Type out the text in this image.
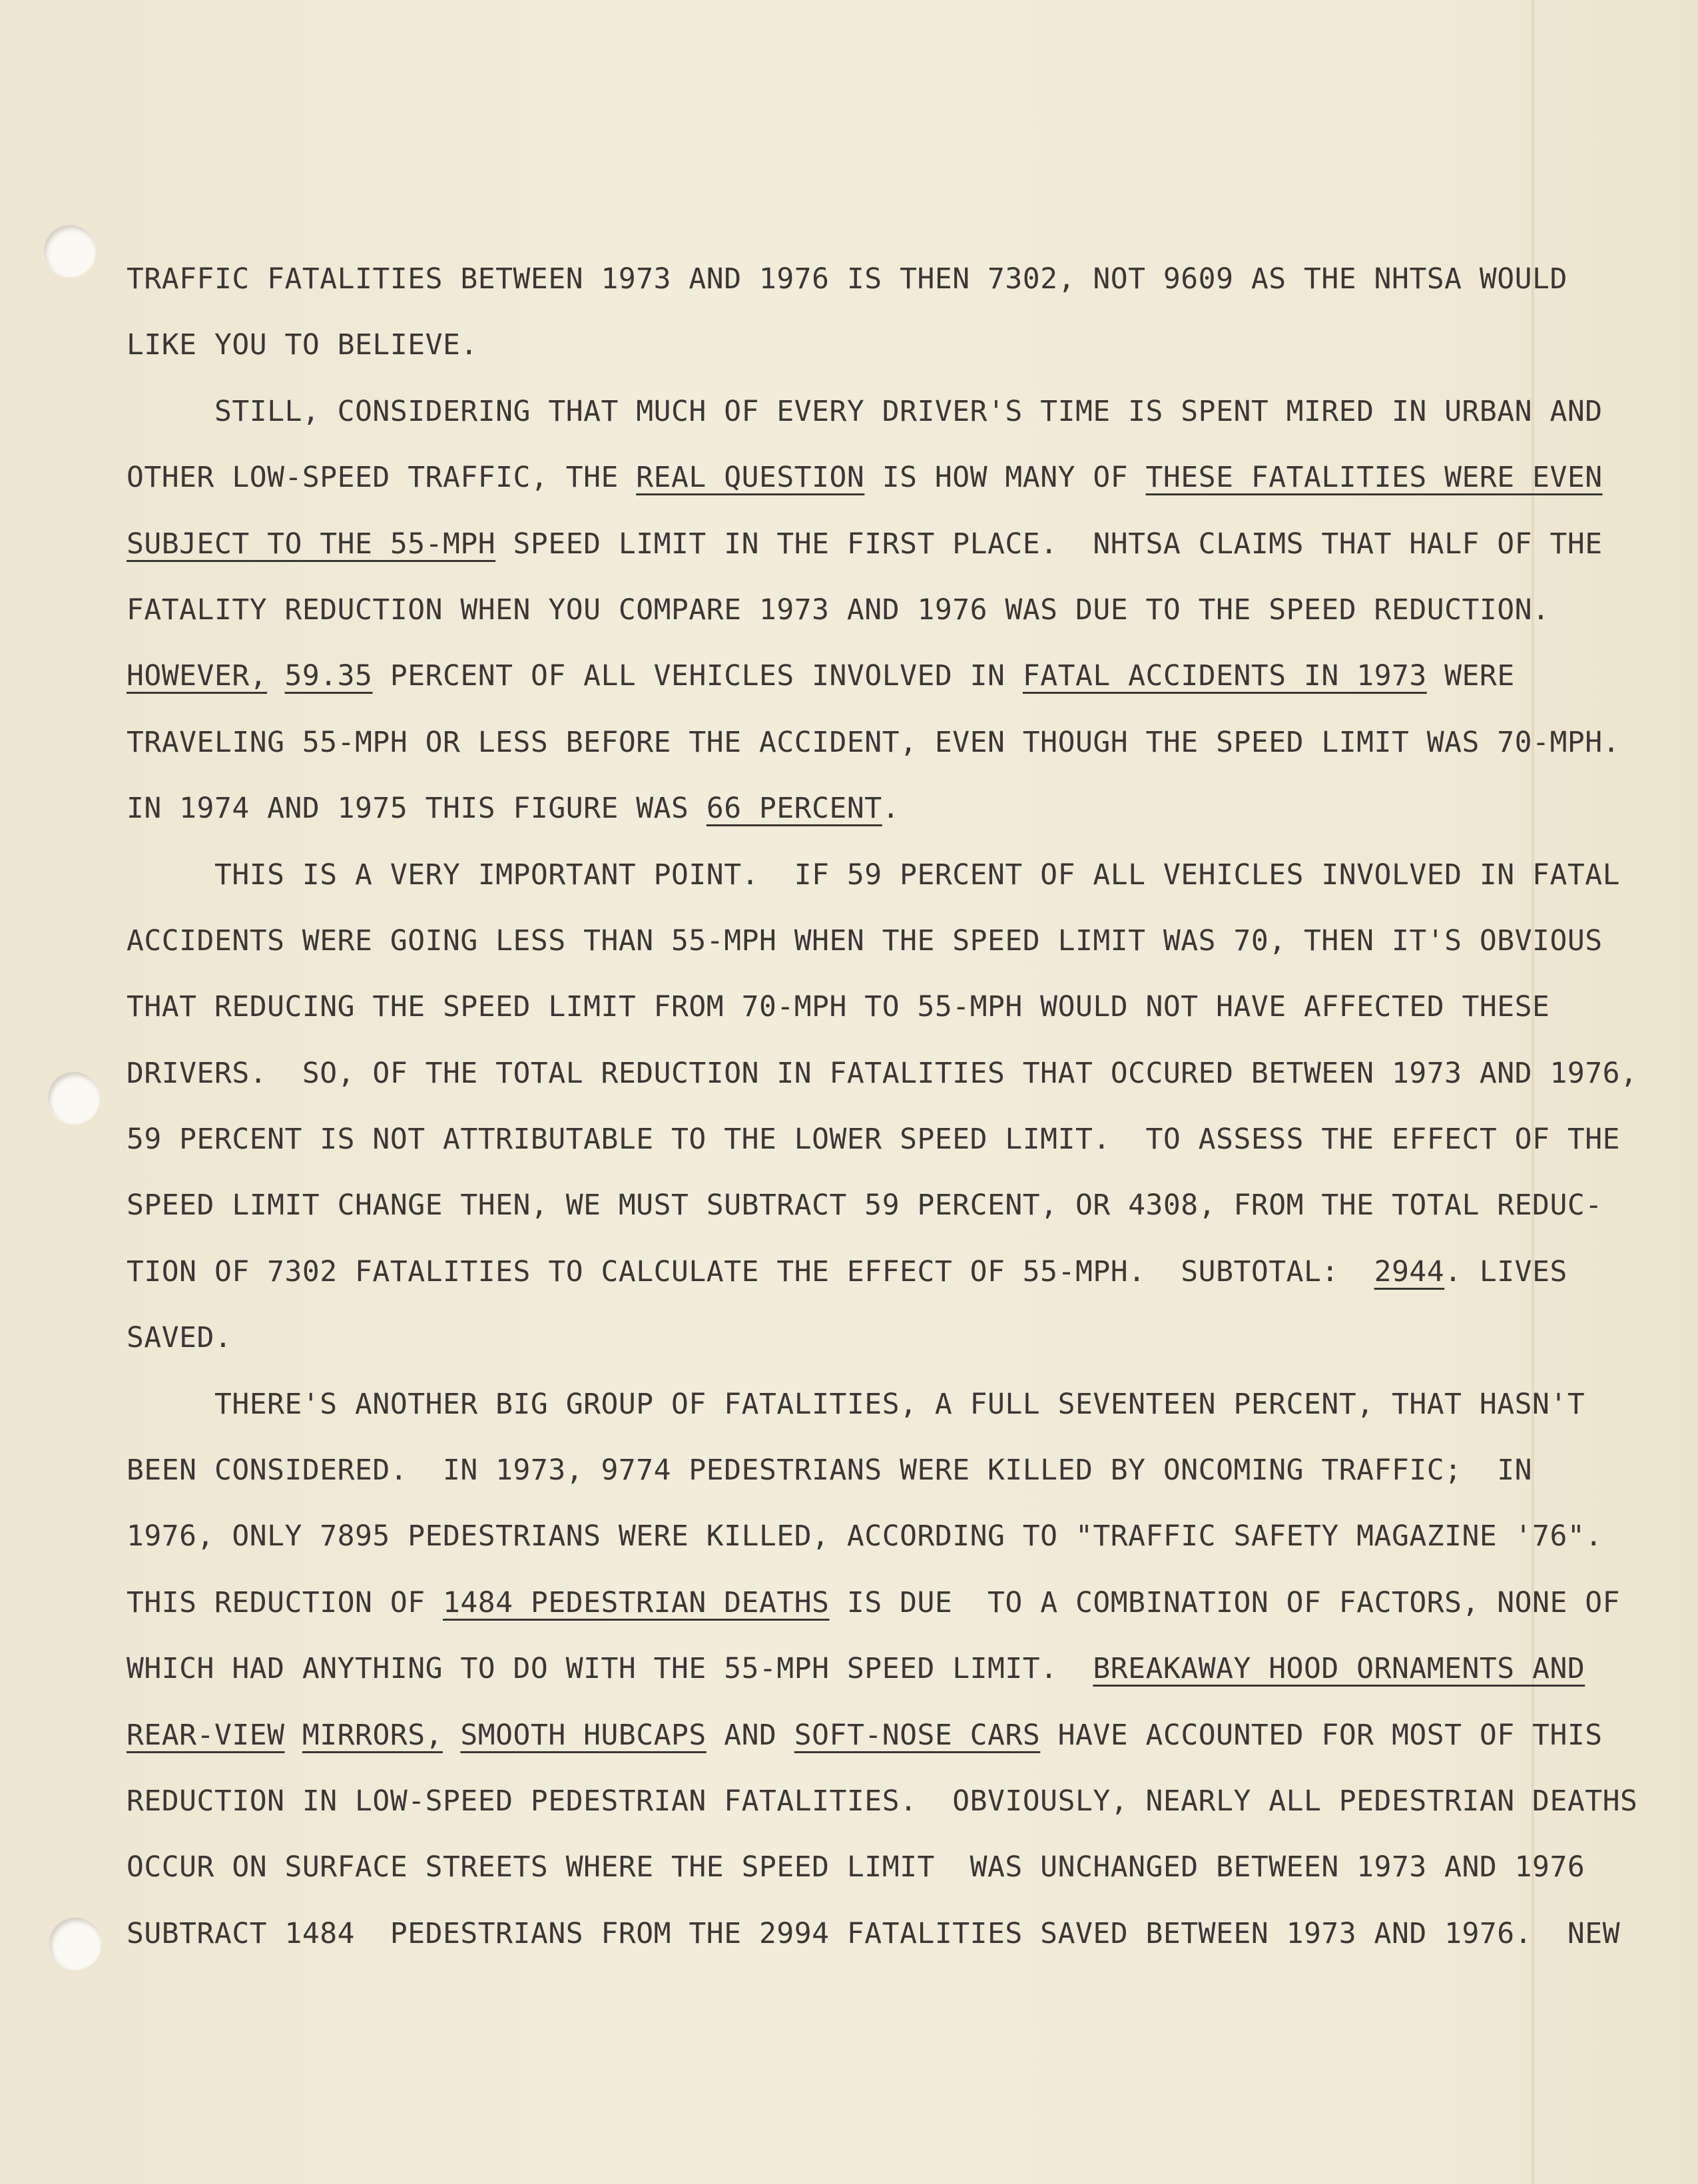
TRAFFIC FATALITIES BETWEEN 1973 AND 1976 IS THEN 7302, NOT 9609 AS THE NHTSA WOULD
LIKE YOU TO BELIEVE.
STILL, CONSIDERING THAT MUCH OF EVERY DRIVER'S TIME IS SPENT MIRED IN URBAN AND
OTHER LOW-SPEED TRAFFIC, THE REAL QUESTION IS HOW MANY OF THESE FATALITIES WERE EVEN
SUBJECT TO THE 55-MPH SPEED LIMIT IN THE FIRST PLACE.  NHTSA CLAIMS THAT HALF OF THE
FATALITY REDUCTION WHEN YOU COMPARE 1973 AND 1976 WAS DUE TO THE SPEED REDUCTION.
HOWEVER, 59.35 PERCENT OF ALL VEHICLES INVOLVED IN FATAL ACCIDENTS IN 1973 WERE
TRAVELING 55-MPH OR LESS BEFORE THE ACCIDENT, EVEN THOUGH THE SPEED LIMIT WAS 70-MPH.
IN 1974 AND 1975 THIS FIGURE WAS 66 PERCENT.
THIS IS A VERY IMPORTANT POINT.  IF 59 PERCENT OF ALL VEHICLES INVOLVED IN FATAL
ACCIDENTS WERE GOING LESS THAN 55-MPH WHEN THE SPEED LIMIT WAS 70, THEN IT'S OBVIOUS
THAT REDUCING THE SPEED LIMIT FROM 70-MPH TO 55-MPH WOULD NOT HAVE AFFECTED THESE
DRIVERS.  SO, OF THE TOTAL REDUCTION IN FATALITIES THAT OCCURED BETWEEN 1973 AND 1976,
59 PERCENT IS NOT ATTRIBUTABLE TO THE LOWER SPEED LIMIT.  TO ASSESS THE EFFECT OF THE
SPEED LIMIT CHANGE THEN, WE MUST SUBTRACT 59 PERCENT, OR 4308, FROM THE TOTAL REDUC-
TION OF 7302 FATALITIES TO CALCULATE THE EFFECT OF 55-MPH.  SUBTOTAL:  2944. LIVES
SAVED.
THERE'S ANOTHER BIG GROUP OF FATALITIES, A FULL SEVENTEEN PERCENT, THAT HASN'T
BEEN CONSIDERED.  IN 1973, 9774 PEDESTRIANS WERE KILLED BY ONCOMING TRAFFIC;  IN
1976, ONLY 7895 PEDESTRIANS WERE KILLED, ACCORDING TO "TRAFFIC SAFETY MAGAZINE '76".
THIS REDUCTION OF 1484 PEDESTRIAN DEATHS IS DUE  TO A COMBINATION OF FACTORS, NONE OF
WHICH HAD ANYTHING TO DO WITH THE 55-MPH SPEED LIMIT.  BREAKAWAY HOOD ORNAMENTS AND
REAR-VIEW MIRRORS, SMOOTH HUBCAPS AND SOFT-NOSE CARS HAVE ACCOUNTED FOR MOST OF THIS
REDUCTION IN LOW-SPEED PEDESTRIAN FATALITIES.  OBVIOUSLY, NEARLY ALL PEDESTRIAN DEATHS
OCCUR ON SURFACE STREETS WHERE THE SPEED LIMIT  WAS UNCHANGED BETWEEN 1973 AND 1976
SUBTRACT 1484  PEDESTRIANS FROM THE 2994 FATALITIES SAVED BETWEEN 1973 AND 1976.  NEW
